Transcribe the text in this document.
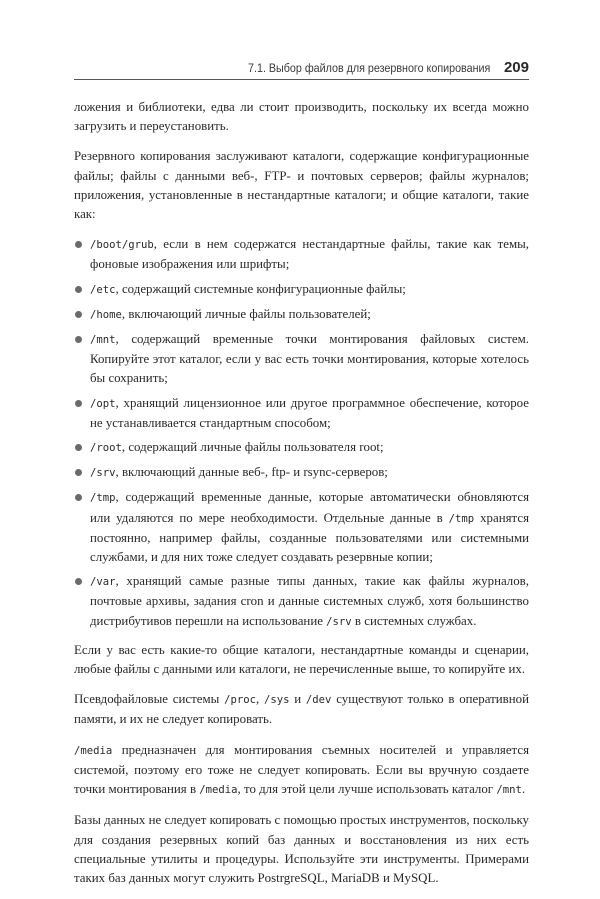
7.1. Выбор файлов для резервного копирования 209

ложения и библиотеки, едва ли стоит производить, поскольку их всегда можно загрузить и переустановить.

Резервного копирования заслуживают каталоги, содержащие конфигурационные файлы; файлы с данными веб-, FTP- и почтовых серверов; файлы журналов; приложения, установленные в нестандартные каталоги; и общие каталоги, такие как:

/boot/grub, если в нем содержатся нестандартные файлы, такие как темы, фоновые изображения или шрифты;
/etc, содержащий системные конфигурационные файлы;
/home, включающий личные файлы пользователей;
/mnt, содержащий временные точки монтирования файловых систем. Копируйте этот каталог, если у вас есть точки монтирования, которые хотелось бы сохранить;
/opt, хранящий лицензионное или другое программное обеспечение, которое не устанавливается стандартным способом;
/root, содержащий личные файлы пользователя root;
/srv, включающий данные веб-, ftp- и rsync-серверов;
/tmp, содержащий временные данные, которые автоматически обновляются или удаляются по мере необходимости. Отдельные данные в /tmp хранятся постоянно, например файлы, созданные пользователями или системными службами, и для них тоже следует создавать резервные копии;
/var, хранящий самые разные типы данных, такие как файлы журналов, почтовые архивы, задания cron и данные системных служб, хотя большинство дистрибутивов перешли на использование /srv в системных службах.

Если у вас есть какие-то общие каталоги, нестандартные команды и сценарии, любые файлы с данными или каталоги, не перечисленные выше, то копируйте их.

Псевдофайловые системы /proc, /sys и /dev существуют только в оперативной памяти, и их не следует копировать.

/media предназначен для монтирования съемных носителей и управляется системой, поэтому его тоже не следует копировать. Если вы вручную создаете точки монтирования в /media, то для этой цели лучше использовать каталог /mnt.

Базы данных не следует копировать с помощью простых инструментов, поскольку для создания резервных копий баз данных и восстановления из них есть специальные утилиты и процедуры. Используйте эти инструменты. Примерами таких баз данных могут служить PostrgreSQL, MariaDB и MySQL.
